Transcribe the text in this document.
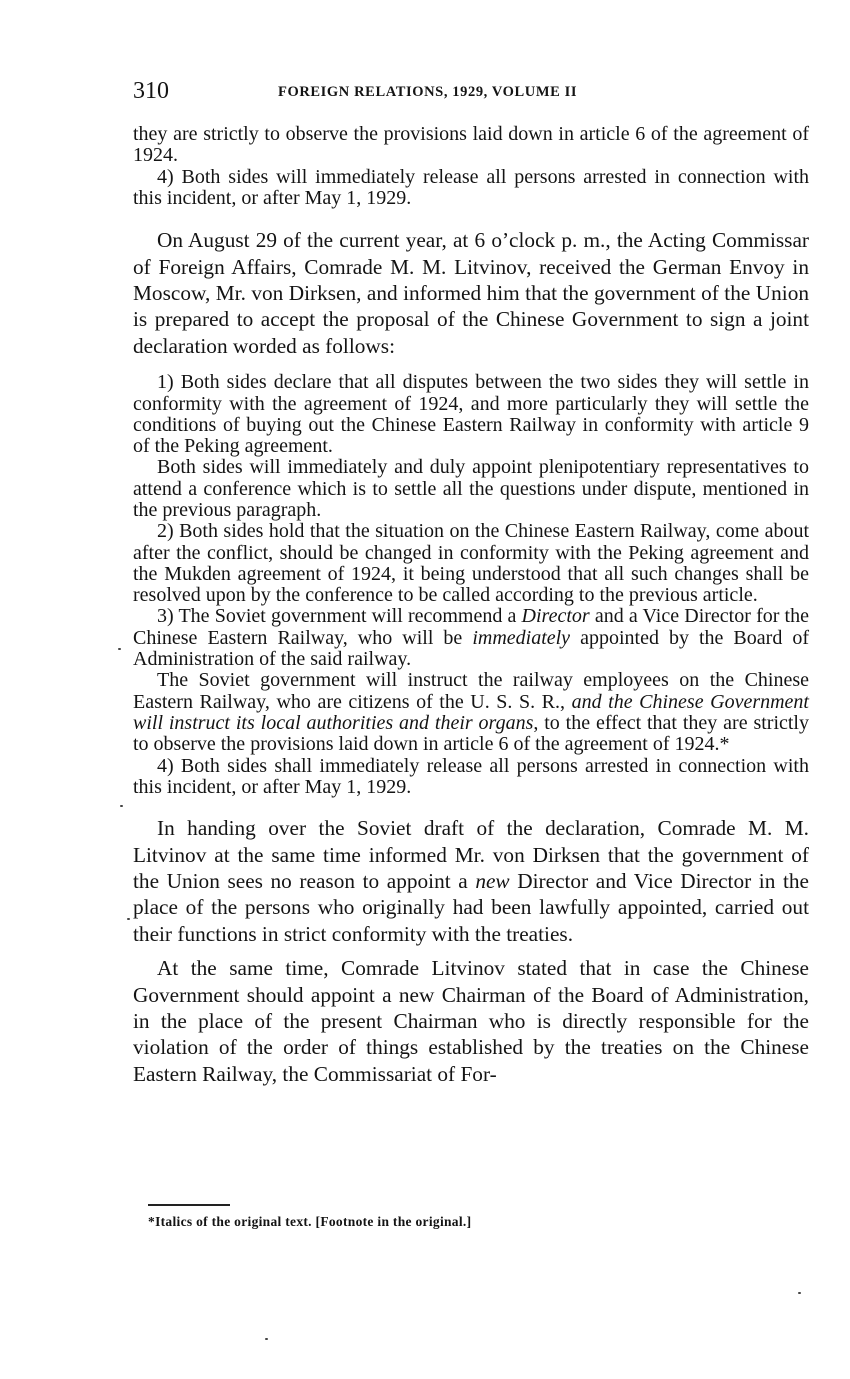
310	FOREIGN RELATIONS, 1929, VOLUME II

they are strictly to observe the provisions laid down in article 6 of the agreement of 1924.

4) Both sides will immediately release all persons arrested in connection with this incident, or after May 1, 1929.

On August 29 of the current year, at 6 o’clock p. m., the Acting Commissar of Foreign Affairs, Comrade M. M. Litvinov, received the German Envoy in Moscow, Mr. von Dirksen, and informed him that the government of the Union is prepared to accept the proposal of the Chinese Government to sign a joint declaration worded as follows:

1) Both sides declare that all disputes between the two sides they will settle in conformity with the agreement of 1924, and more particularly they will settle the conditions of buying out the Chinese Eastern Railway in conformity with article 9 of the Peking agreement.

Both sides will immediately and duly appoint plenipotentiary representatives to attend a conference which is to settle all the questions under dispute, mentioned in the previous paragraph.

2) Both sides hold that the situation on the Chinese Eastern Railway, come about after the conflict, should be changed in conformity with the Peking agreement and the Mukden agreement of 1924, it being understood that all such changes shall be resolved upon by the conference to be called according to the previous article.

3) The Soviet government will recommend a Director and a Vice Director for the Chinese Eastern Railway, who will be immediately appointed by the Board of Administration of the said railway.

The Soviet government will instruct the railway employees on the Chinese Eastern Railway, who are citizens of the U. S. S. R., and the Chinese Government will instruct its local authorities and their organs, to the effect that they are strictly to observe the provisions laid down in article 6 of the agreement of 1924.*

4) Both sides shall immediately release all persons arrested in connection with this incident, or after May 1, 1929.

In handing over the Soviet draft of the declaration, Comrade M. M. Litvinov at the same time informed Mr. von Dirksen that the government of the Union sees no reason to appoint a new Director and Vice Director in the place of the persons who originally had been lawfully appointed, carried out their functions in strict conformity with the treaties.

At the same time, Comrade Litvinov stated that in case the Chinese Government should appoint a new Chairman of the Board of Administration, in the place of the present Chairman who is directly responsible for the violation of the order of things established by the treaties on the Chinese Eastern Railway, the Commissariat of For-

*Italics of the original text. [Footnote in the original.]
